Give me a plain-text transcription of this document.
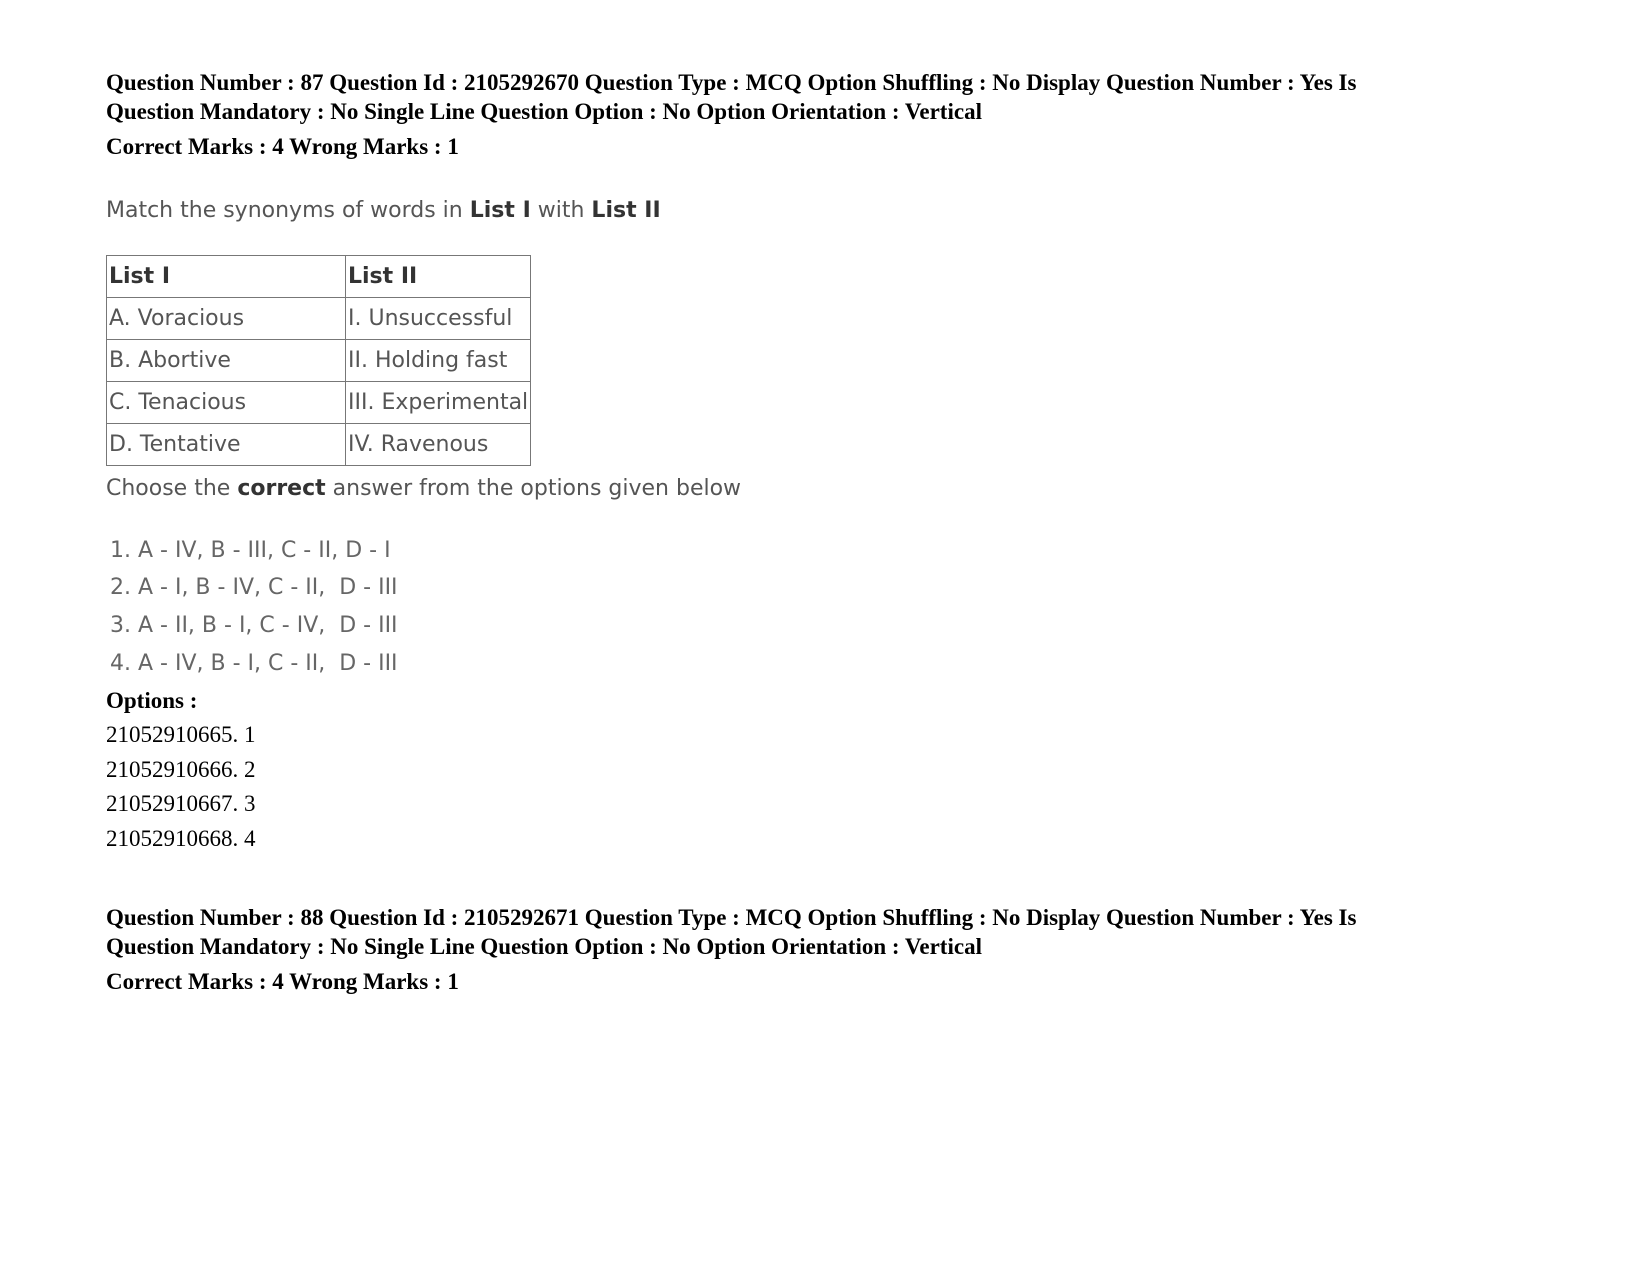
Question Number : 87 Question Id : 2105292670 Question Type : MCQ Option Shuffling : No Display Question Number : Yes Is
Question Mandatory : No Single Line Question Option : No Option Orientation : Vertical
Correct Marks : 4 Wrong Marks : 1
Match the synonyms of words in List I with List II
List I	List II
A. Voracious	I. Unsuccessful
B. Abortive	II. Holding fast
C. Tenacious	III. Experimental
D. Tentative	IV. Ravenous
Choose the correct answer from the options given below
1. A - IV, B - III, C - II, D - I
2. A - I, B - IV, C - II,  D - III
3. A - II, B - I, C - IV,  D - III
4. A - IV, B - I, C - II,  D - III
Options :
21052910665. 1
21052910666. 2
21052910667. 3
21052910668. 4
Question Number : 88 Question Id : 2105292671 Question Type : MCQ Option Shuffling : No Display Question Number : Yes Is
Question Mandatory : No Single Line Question Option : No Option Orientation : Vertical
Correct Marks : 4 Wrong Marks : 1
